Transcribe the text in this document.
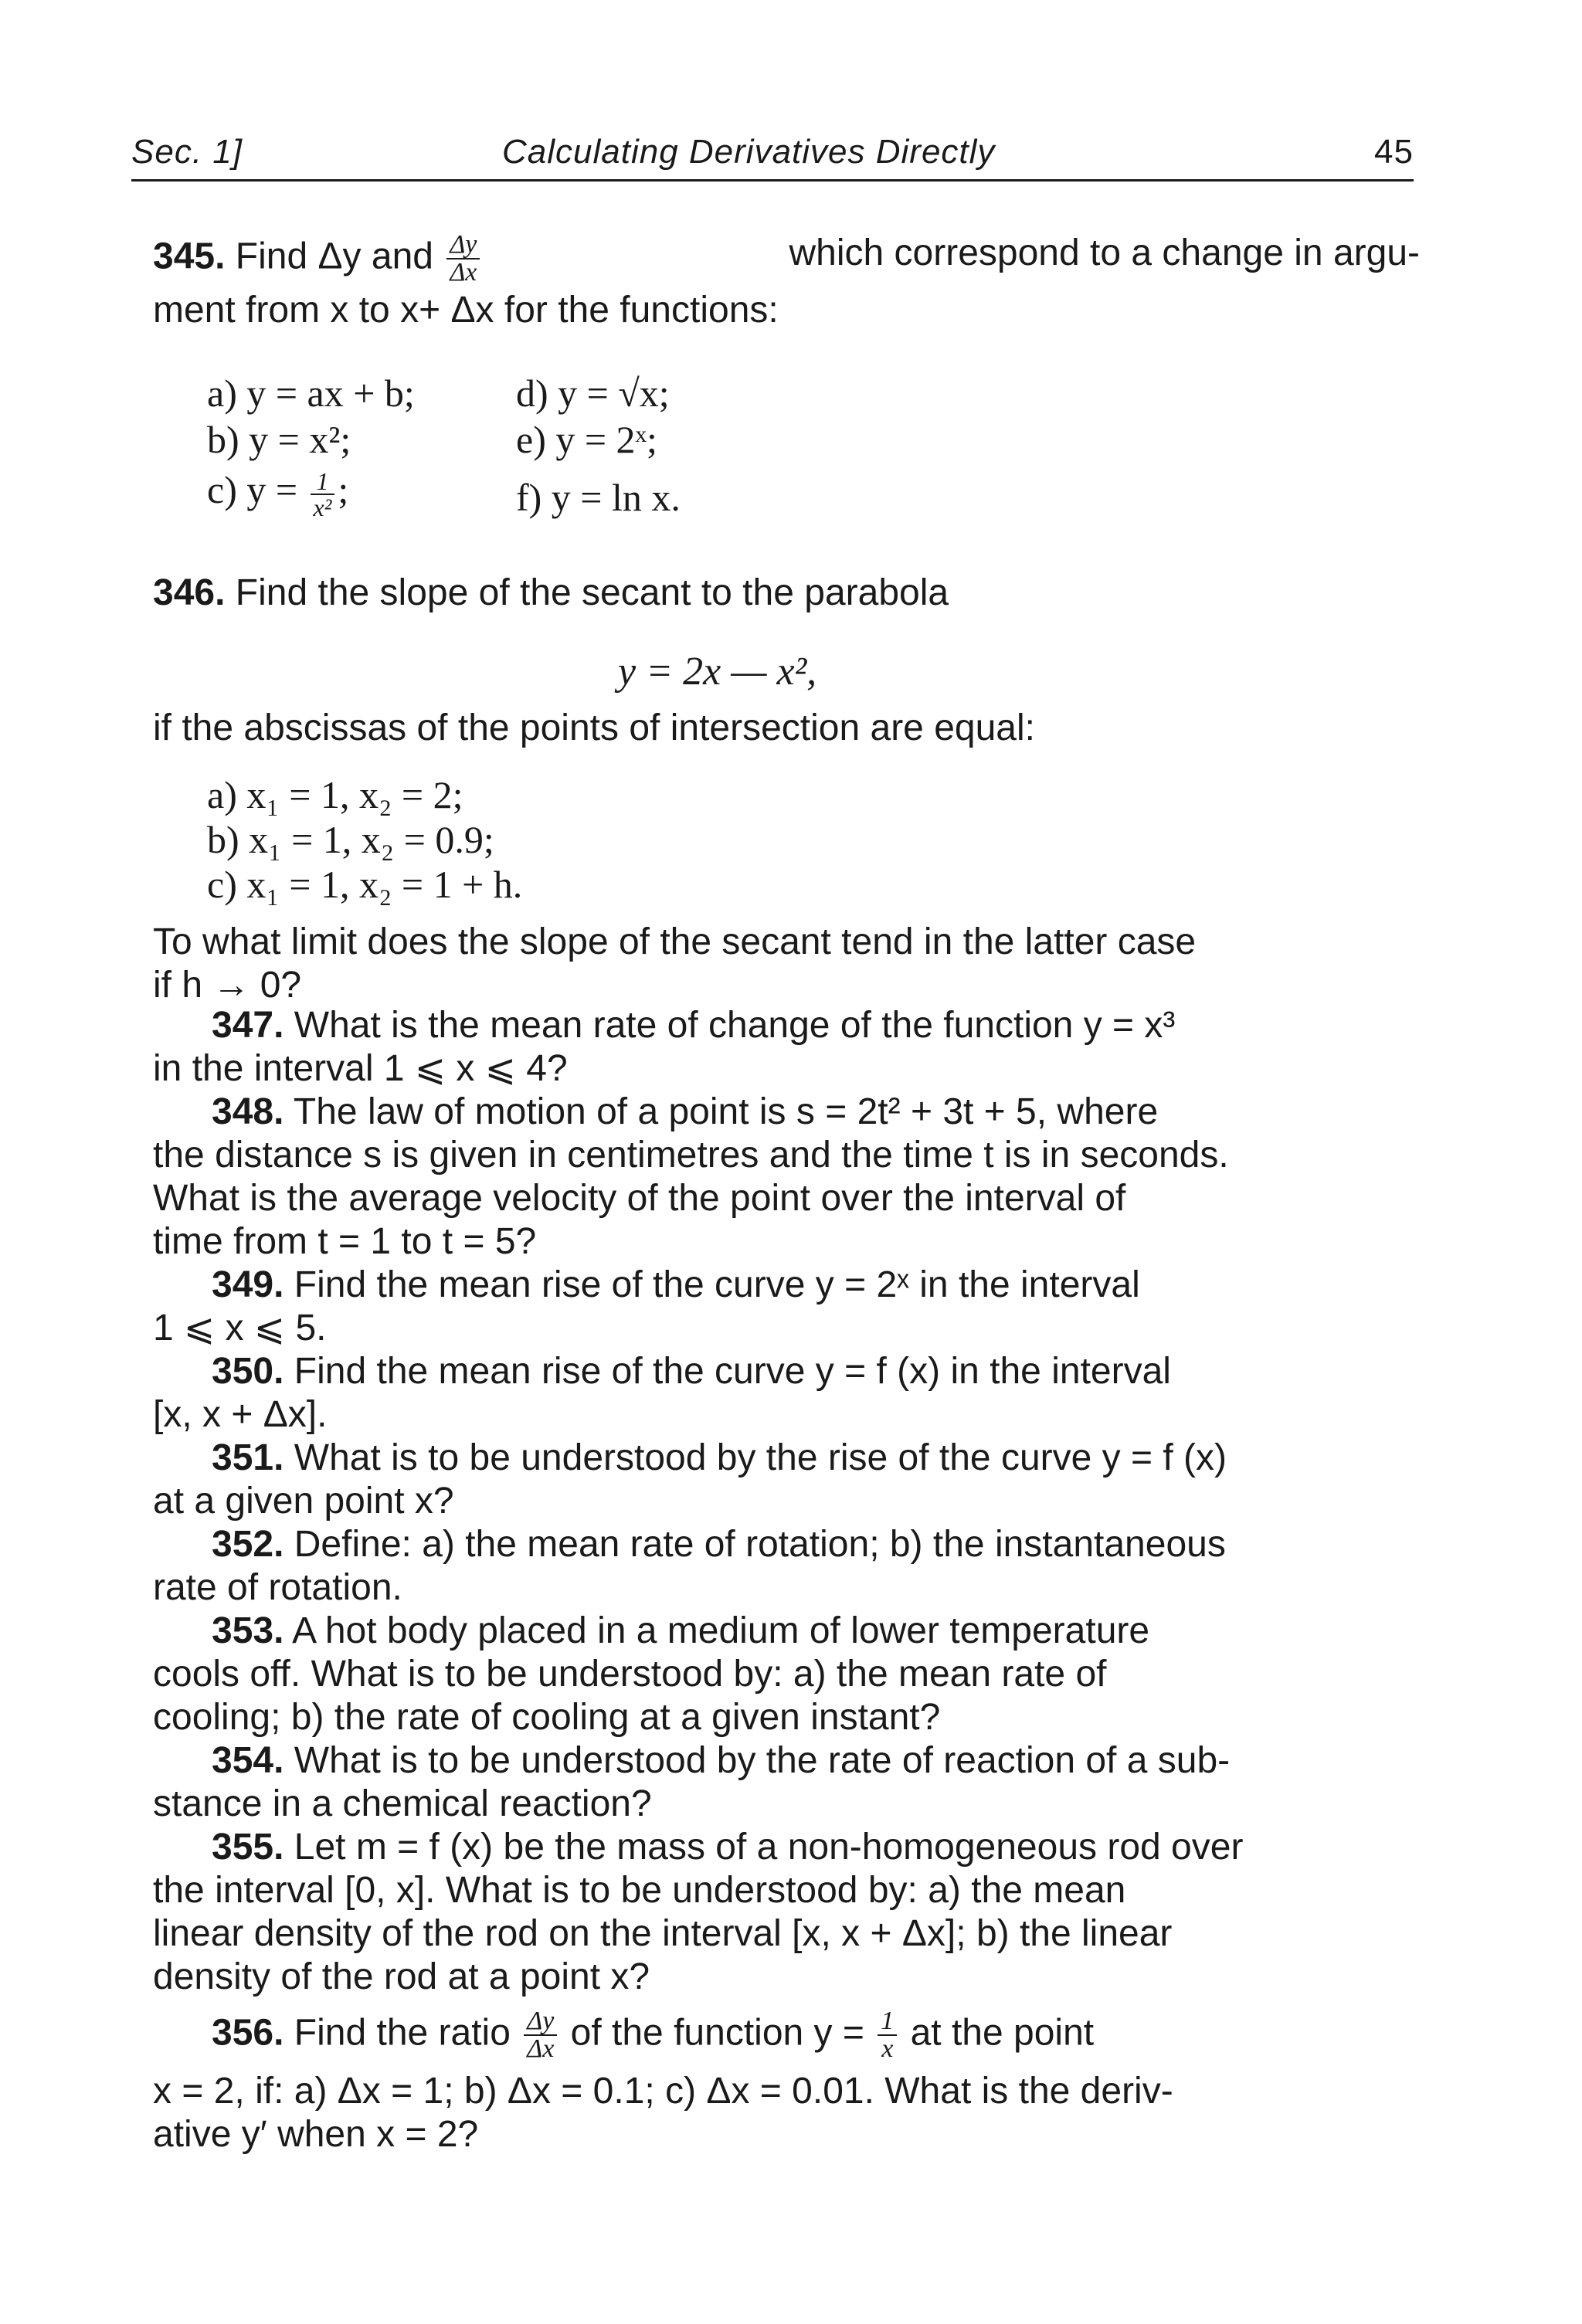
Sec. 1]	Calculating Derivatives Directly	45
345. Find Δy and $\frac{\Delta y}{\Delta x}$	which correspond to a change in argu-
ment from x to x+ Δx for the functions:
a) y = ax + b;	d) y = √x;
b) y = x²;	e) y = 2ˣ;
c) $y = \frac{1}{\text{x²}}$ ;	f) y = ln x.
346. Find the slope of the secant to the parabola
y = 2x — x²,
if the abscissas of the points of intersection are equal:
a) x₁ = 1, x₂ = 2;
b) x₁ = 1, x₂ = 0.9;
c) x₁ = 1, x₂ = 1 + h.
To what limit does the slope of the secant tend in the latter case
if h → 0?
347. What is the mean rate of change of the function y = x³
in the interval 1 ⩽ x ⩽ 4?
348. The law of motion of a point is s = 2t² + 3t + 5, where
the distance s is given in centimetres and the time t is in seconds.
What is the average velocity of the point over the interval of
time from t = 1 to t = 5?
349. Find the mean rise of the curve y = 2ˣ in the interval
1 ⩽ x ⩽ 5.
350. Find the mean rise of the curve y = f (x) in the interval
[x, x + Δx].
351. What is to be understood by the rise of the curve y = f (x)
at a given point x?
352. Define: a) the mean rate of rotation; b) the instantaneous
rate of rotation.
353. A hot body placed in a medium of lower temperature
cools off. What is to be understood by: a) the mean rate of
cooling; b) the rate of cooling at a given instant?
354. What is to be understood by the rate of reaction of a sub-
stance in a chemical reaction?
355. Let m = f (x) be the mass of a non-homogeneous rod over
the interval [0, x]. What is to be understood by: a) the mean
linear density of the rod on the interval [x, x + Δx]; b) the linear
density of the rod at a point x?
356. Find the ratio $\frac{\Delta y}{\Delta x}$ of the function $y = \frac{1}{x}$ at the point
x = 2, if: a) Δx = 1; b) Δx = 0.1; c) Δx = 0.01. What is the deriv-
ative y′ when x = 2?
